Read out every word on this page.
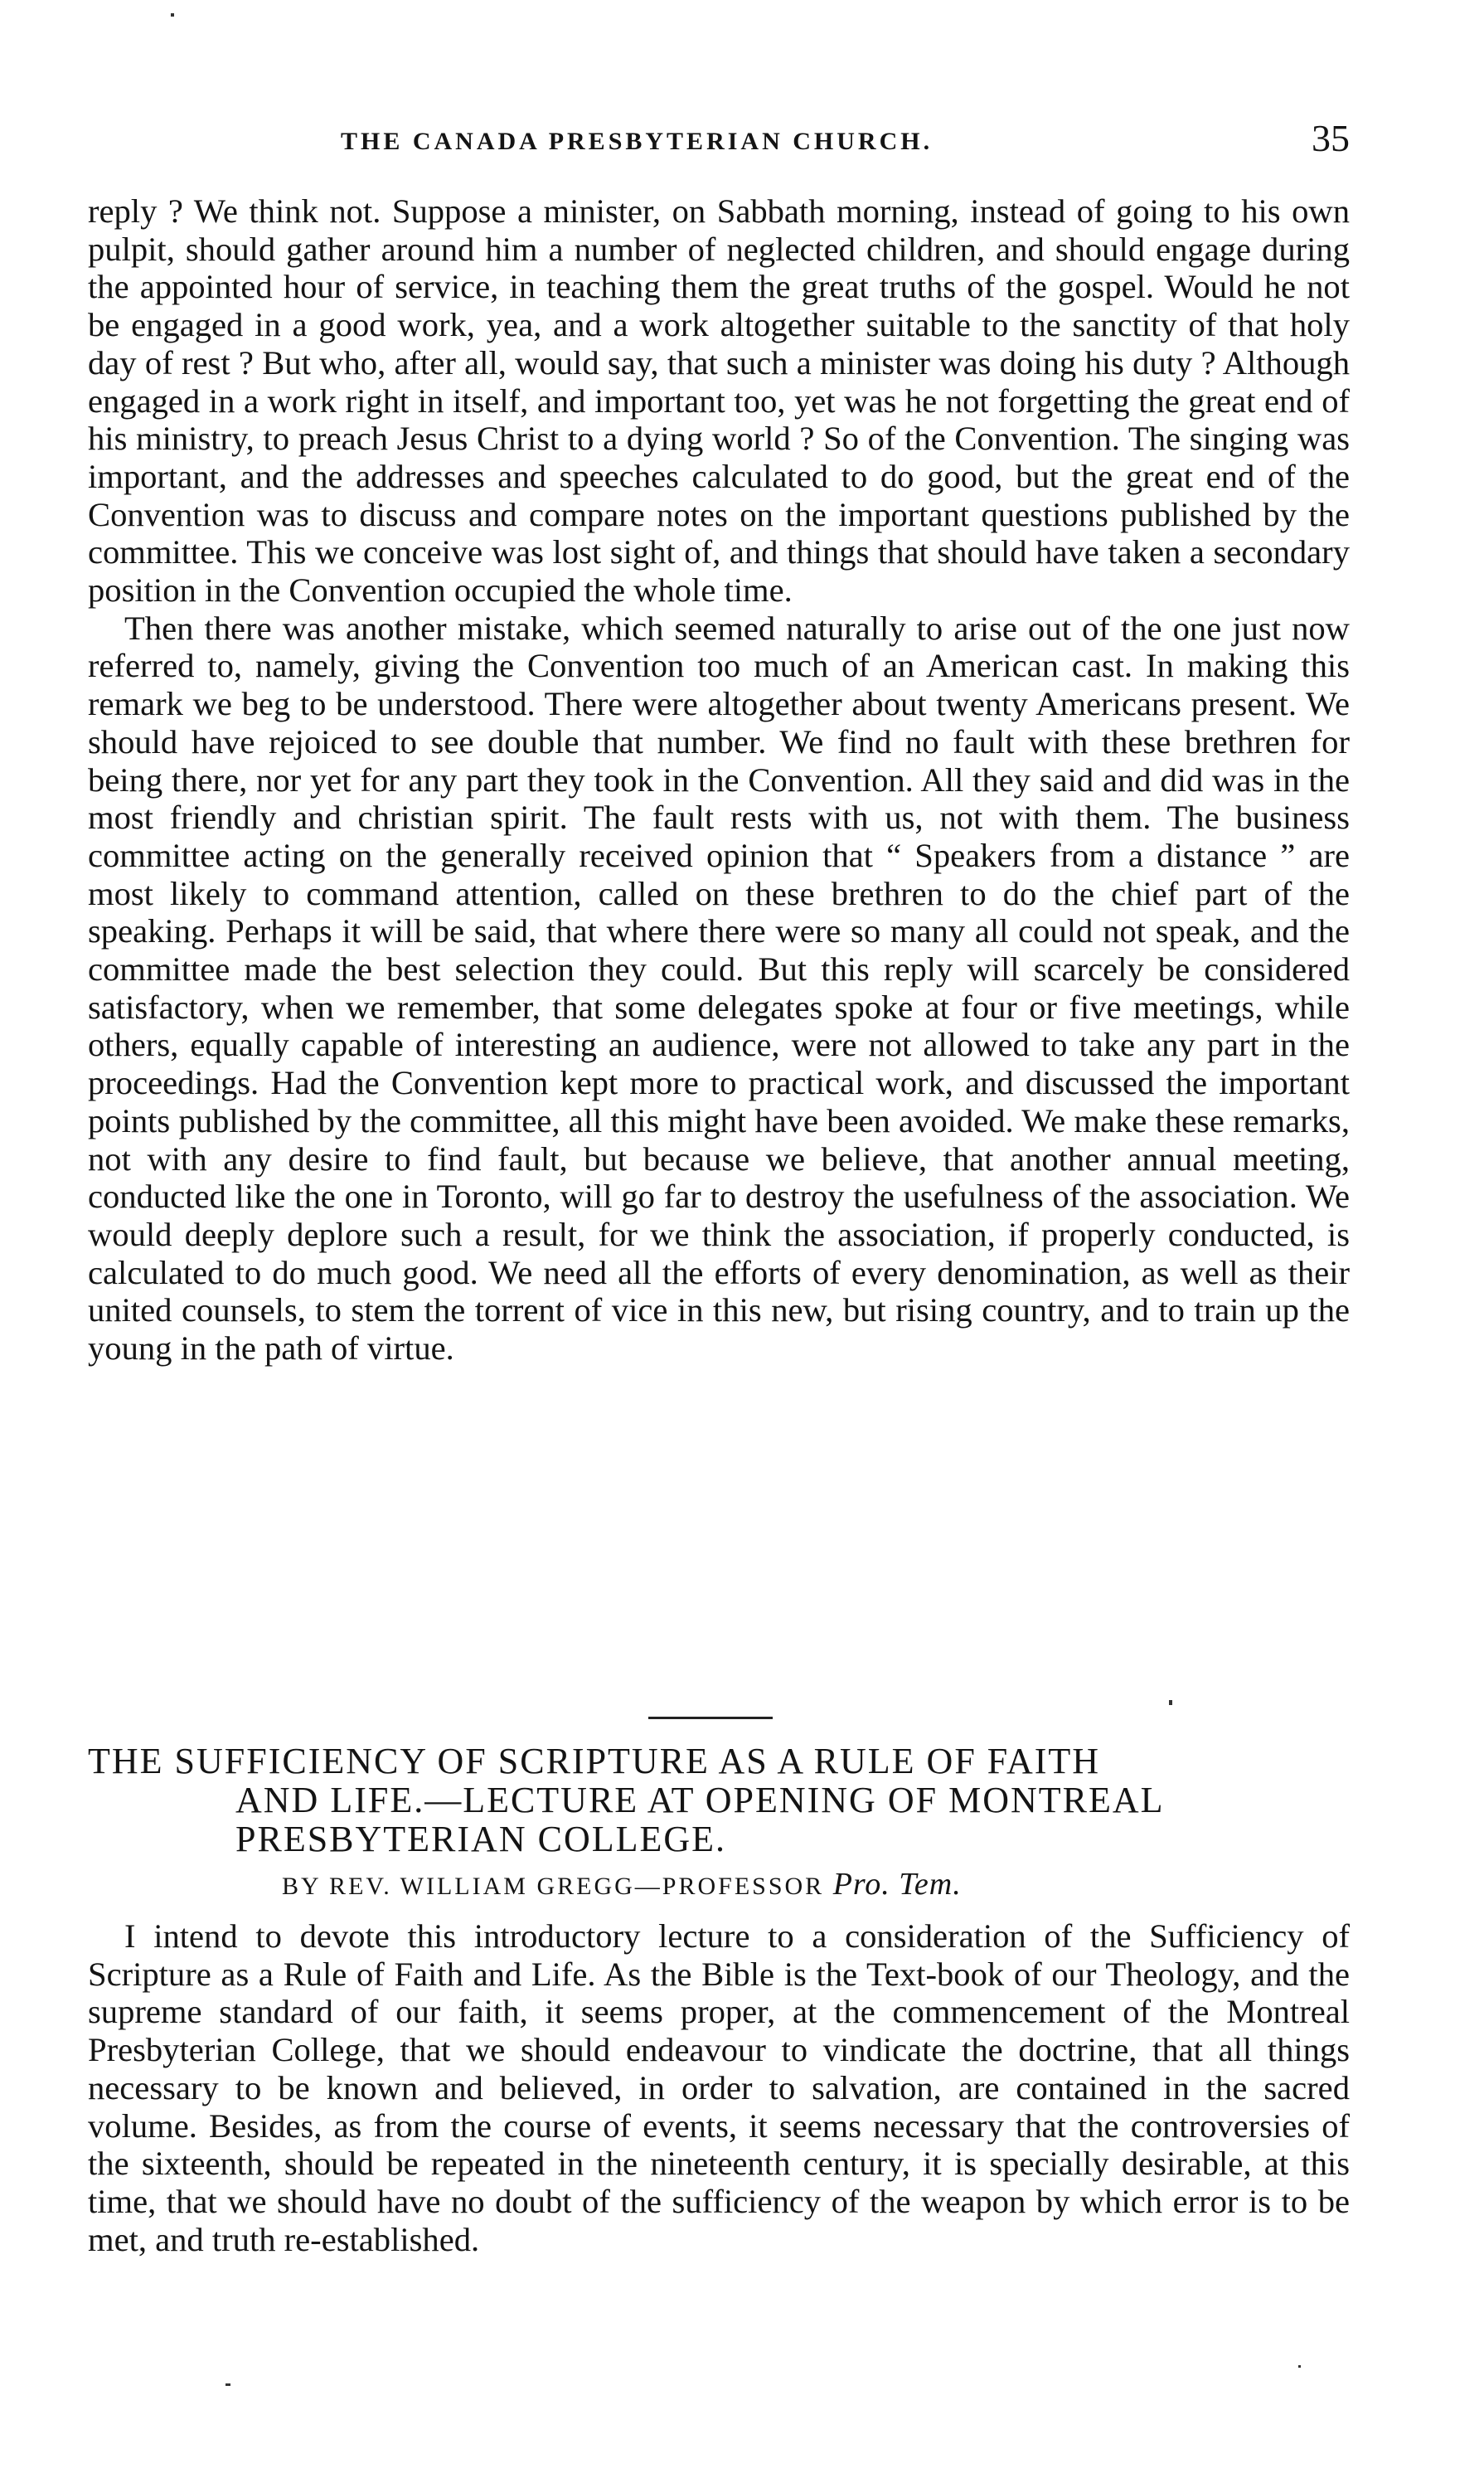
THE CANADA PRESBYTERIAN CHURCH.	35

reply ? We think not. Suppose a minister, on Sabbath morning, instead of going to his own pulpit, should gather around him a number of neglected children, and should engage during the appointed hour of service, in teaching them the great truths of the gospel. Would he not be engaged in a good work, yea, and a work altogether suitable to the sanctity of that holy day of rest ? But who, after all, would say, that such a minister was doing his duty ? Although engaged in a work right in itself, and important too, yet was he not forgetting the great end of his ministry, to preach Jesus Christ to a dying world ? So of the Convention. The singing was important, and the addresses and speeches calculated to do good, but the great end of the Convention was to discuss and compare notes on the important questions published by the committee. This we conceive was lost sight of, and things that should have taken a secondary position in the Convention occupied the whole time.

Then there was another mistake, which seemed naturally to arise out of the one just now referred to, namely, giving the Convention too much of an American cast. In making this remark we beg to be understood. There were altogether about twenty Americans present. We should have rejoiced to see double that number. We find no fault with these brethren for being there, nor yet for any part they took in the Convention. All they said and did was in the most friendly and christian spirit. The fault rests with us, not with them. The business committee acting on the generally received opinion that “ Speakers from a distance ” are most likely to command attention, called on these brethren to do the chief part of the speaking. Perhaps it will be said, that where there were so many all could not speak, and the committee made the best selection they could. But this reply will scarcely be considered satisfactory, when we remember, that some delegates spoke at four or five meetings, while others, equally capable of interesting an audience, were not allowed to take any part in the proceedings. Had the Convention kept more to practical work, and discussed the important points published by the committee, all this might have been avoided. We make these remarks, not with any desire to find fault, but because we believe, that another annual meeting, conducted like the one in Toronto, will go far to destroy the usefulness of the association. We would deeply deplore such a result, for we think the association, if properly conducted, is calculated to do much good. We need all the efforts of every denomination, as well as their united counsels, to stem the torrent of vice in this new, but rising country, and to train up the young in the path of virtue.

THE SUFFICIENCY OF SCRIPTURE AS A RULE OF FAITH
AND LIFE.—LECTURE AT OPENING OF MONTREAL
PRESBYTERIAN COLLEGE.
BY REV. WILLIAM GREGG—PROFESSOR Pro. Tem.

I intend to devote this introductory lecture to a consideration of the Sufficiency of Scripture as a Rule of Faith and Life. As the Bible is the Text-book of our Theology, and the supreme standard of our faith, it seems proper, at the commencement of the Montreal Presbyterian College, that we should endeavour to vindicate the doctrine, that all things necessary to be known and believed, in order to salvation, are contained in the sacred volume. Besides, as from the course of events, it seems necessary that the controversies of the sixteenth, should be repeated in the nineteenth century, it is specially desirable, at this time, that we should have no doubt of the sufficiency of the weapon by which error is to be met, and truth re-established.
